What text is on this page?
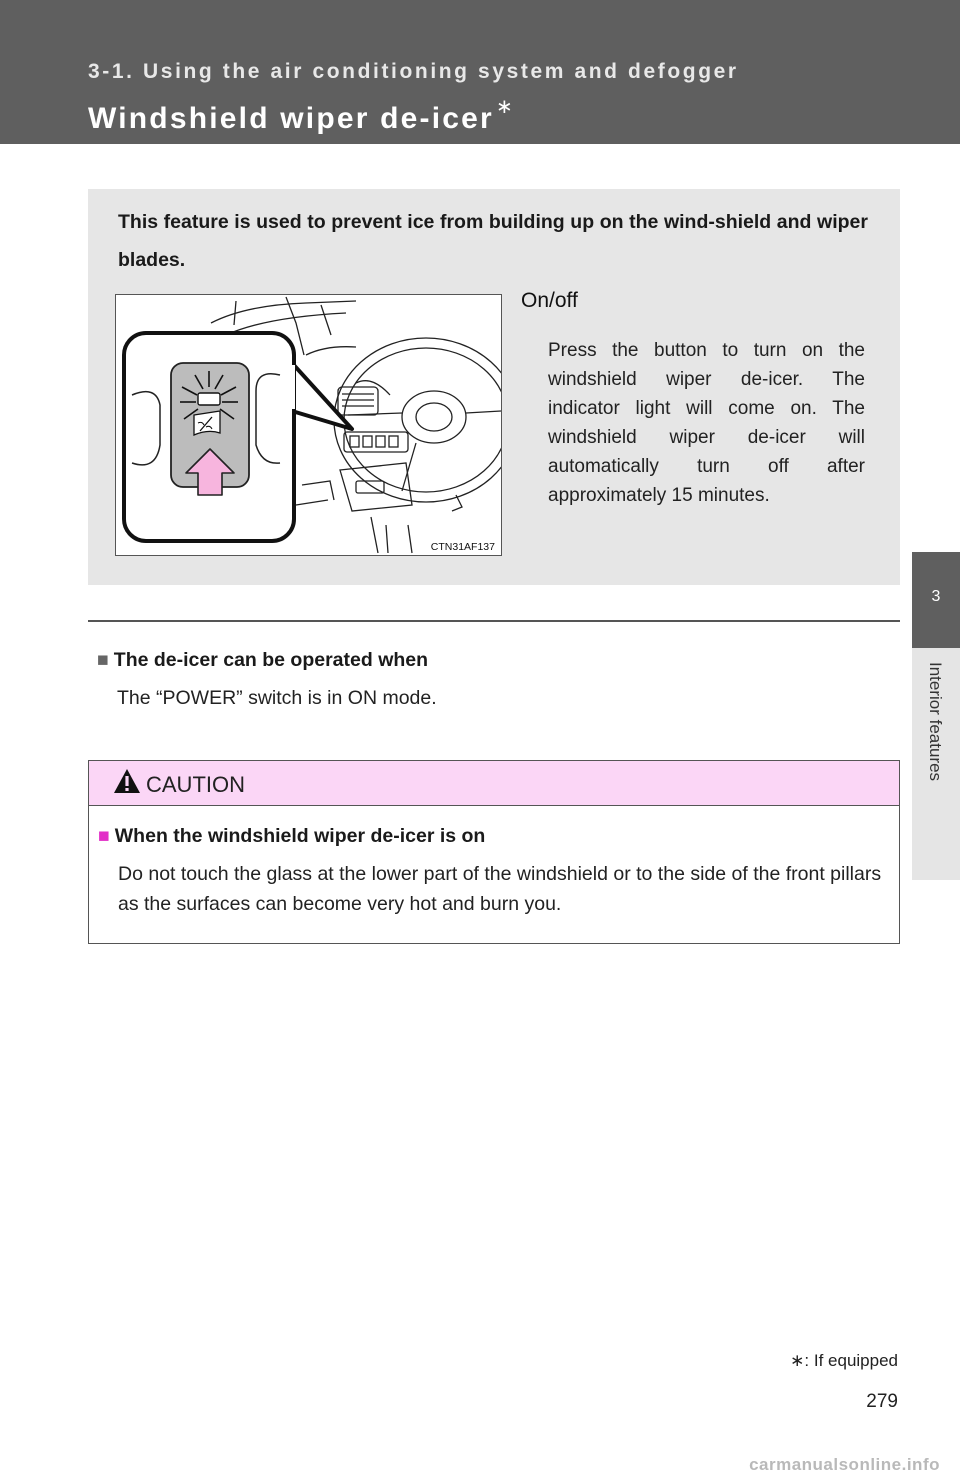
3-1. Using the air conditioning system and defogger
Windshield wiper de-icer ∗
3
Interior features

This feature is used to prevent ice from building up on the wind-shield and wiper blades.

CTN31AF137
On/off

Press the button to turn on the windshield wiper de-icer. The indicator light will come on. The windshield wiper de-icer will automatically turn off after approximately 15 minutes.

■ The de-icer can be operated when
The “POWER” switch is in ON mode.
CAUTION
■ When the windshield wiper de-icer is on

Do not touch the glass at the lower part of the windshield or to the side of the front pillars as the surfaces can become very hot and burn you.

∗: If equipped
279
carmanualsonline.info
